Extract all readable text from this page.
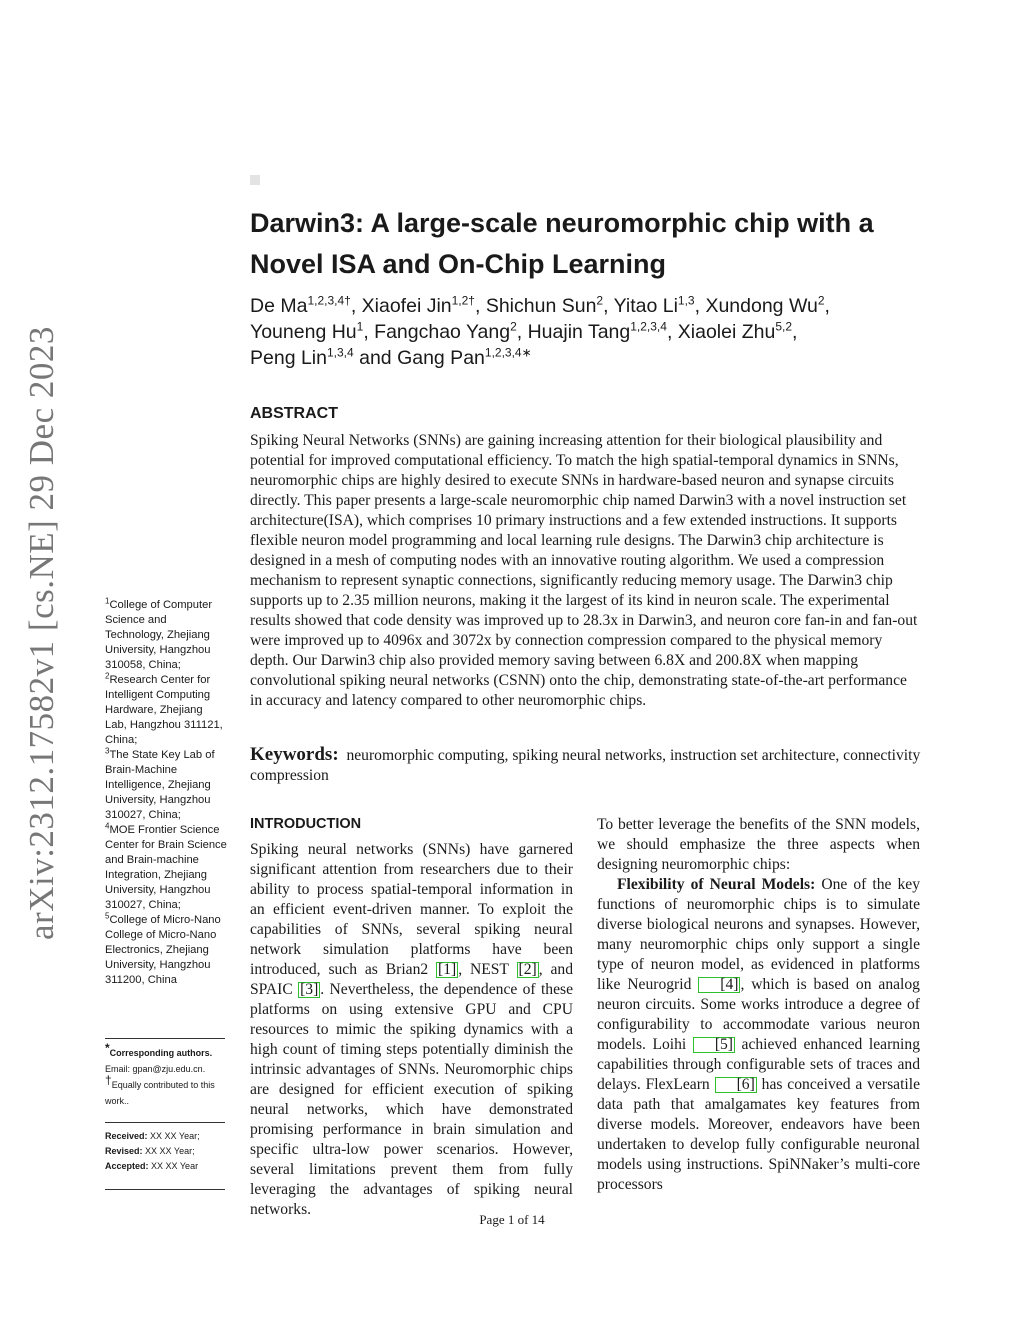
arXiv:2312.17582v1 [cs.NE] 29 Dec 2023
Darwin3: A large-scale neuromorphic chip with a Novel ISA and On-Chip Learning
De $Ma^{1,2,3,4\dagger}$, Xiaofei Jin$^{1,2\dagger}$, Shichun Sun$^2$, Yitao Li$^{1,3}$, Xundong Wu$^2$,
Youneng Hu$^1$, Fangchao Yang$^2$, Huajin Tang$^{1,2,3,4}$, Xiaolei Zhu$^{5,2}$,
Peng Lin$^{1,3,4}$ and Gang Pan$^{1,2,3,4∗}$
ABSTRACT

Spiking Neural Networks (SNNs) are gaining increasing attention for their biological plausibility and potential for improved computational efficiency. To match the high spatial-temporal dynamics in SNNs, neuromorphic chips are highly desired to execute SNNs in hardware-based neuron and synapse circuits directly. This paper presents a large-scale neuromorphic chip named Darwin3 with a novel instruction set architecture(ISA), which comprises 10 primary instructions and a few extended instructions. It supports flexible neuron model programming and local learning rule designs. The Darwin3 chip architecture is designed in a mesh of computing nodes with an innovative routing algorithm. We used a compression mechanism to represent synaptic connections, significantly reducing memory usage. The Darwin3 chip supports up to 2.35 million neurons, making it the largest of its kind in neuron scale. The experimental results showed that code density was improved up to 28.3x in Darwin3, and neuron core fan-in and fan-out were improved up to 4096x and 3072x by connection compression compared to the physical memory depth. Our Darwin3 chip also provided memory saving between 6.8X and 200.8X when mapping convolutional spiking neural networks (CSNN) onto the chip, demonstrating state-of-the-art performance in accuracy and latency compared to other neuromorphic chips.

Keywords: neuromorphic computing, spiking neural networks, instruction set architecture, connectivity compression

$^1$College of Computer Science and Technology, Zhejiang University, Hangzhou 310058, China;
$^2$Research Center for Intelligent Computing Hardware, Zhejiang Lab, Hangzhou 311121, China;
$^3$The State Key Lab of Brain-Machine Intelligence, Zhejiang University, Hangzhou 310027, China;
$^4$MOE Frontier Science Center for Brain Science and Brain-machine Integration, Zhejiang University, Hangzhou 310027, China;
$^5$College of Micro-Nano College of Micro-Nano Electronics, Zhejiang University, Hangzhou 311200, China
*Corresponding authors.
Email: gpan@zju.edu.cn.
†Equally contributed to this work..
Received: XX XX Year;
Revised: XX XX Year;
Accepted: XX XX Year
INTRODUCTION

Spiking neural networks (SNNs) have garnered significant attention from researchers due to their ability to process spatial-temporal information in an efficient event-driven manner. To exploit the capabilities of SNNs, several spiking neural network simulation platforms have been introduced, such as Brian2 [1] , NEST [2] , and SPAIC [3] . Nevertheless, the dependence of these platforms on using extensive GPU and CPU resources to mimic the spiking dynamics with a high count of timing steps potentially diminish the intrinsic advantages of SNNs. Neuromorphic chips are designed for efficient execution of spiking neural networks, which have demonstrated promising performance in brain simulation and specific ultra-low power scenarios. However, several limitations prevent them from fully leveraging the advantages of spiking neural networks.

To better leverage the benefits of the SNN models, we should emphasize the three aspects when designing neuromorphic chips:

Flexibility of Neural Models: One of the key functions of neuromorphic chips is to simulate diverse biological neurons and synapses. However, many neuromorphic chips only support a single type of neuron model, as evidenced in platforms like Neurogrid [4] , which is based on analog neuron circuits. Some works introduce a degree of configurability to accommodate various neuron models. Loihi [5] achieved enhanced learning capabilities through configurable sets of traces and delays. FlexLearn [6] has conceived a versatile data path that amalgamates key features from diverse models. Moreover, endeavors have been undertaken to develop fully configurable neuronal models using instructions. SpiNNaker’s multi-core processors

Page 1 of 14
